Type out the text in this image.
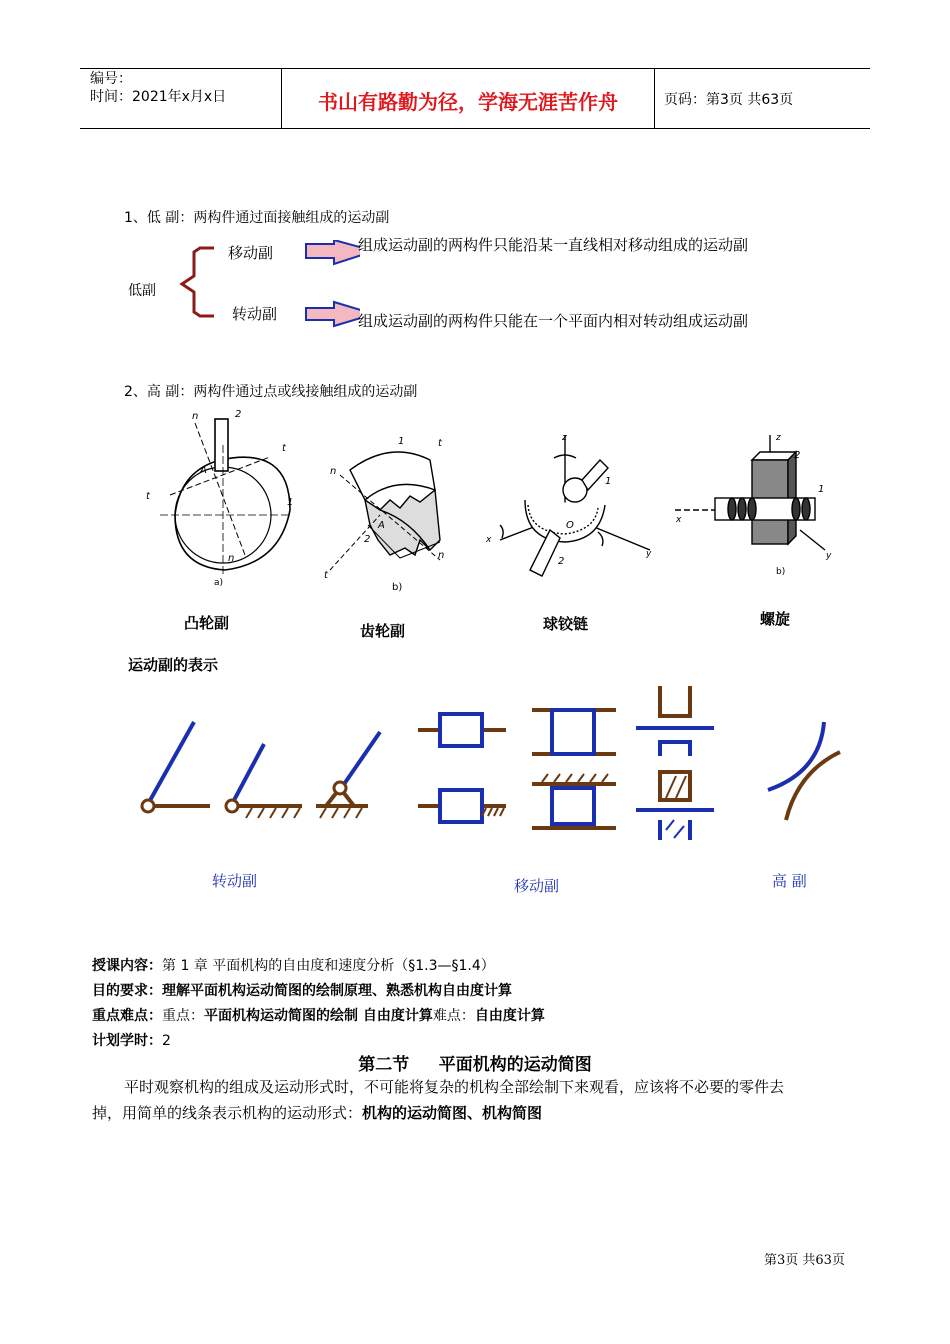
编号：
时间：2021年x月x日	书山有路勤为径，学海无涯苦作舟	页码：第3页 共63页
1、低 副：两构件通过面接触组成的运动副
低副
移动副	组成运动副的两构件只能沿某一直线相对移动组成的运动副
转动副	组成运动副的两构件只能在一个平面内相对转动组成运动副
2、高 副：两构件通过点或线接触组成的运动副
n	2
t
A
t
1
n
a)
1	t
n
A
2
t
n
b)
z
1
O
x
2
y
z
2
1
x
y
b)
凸轮副	齿轮副	球铰链	螺旋
运动副的表示
转动副	移动副	高 副
授课内容：第 1 章 平面机构的自由度和速度分析（§1.3—§1.4）
目的要求：理解平面机构运动简图的绘制原理、熟悉机构自由度计算
重点难点：重点：平面机构运动简图的绘制 自由度计算难点：自由度计算
计划学时：2
第二节     平面机构的运动简图
平时观察机构的组成及运动形式时，不可能将复杂的机构全部绘制下来观看，应该将不必要的零件去
掉，用简单的线条表示机构的运动形式：机构的运动简图、机构简图
第3页 共63页
